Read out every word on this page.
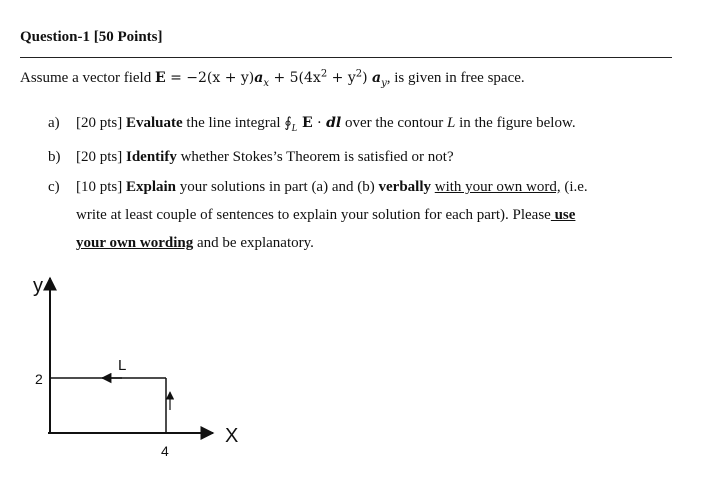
Question-1 [50 Points]
Assume a vector field $E = -2(x + y)a_x + 5(4x^2 + y^2)$ $a_y$, is given in free space.
a) [20 pts] Evaluate the line integral $∮_L$ E · dl over the contour L in the figure below.
b) [20 pts] Identify whether Stokes’s Theorem is satisfied or not?
c) [10 pts] Explain your solutions in part (a) and (b) verbally with your own word, (i.e.
write at least couple of sentences to explain your solution for each part). Please use
your own wording and be explanatory.
y
X
2
4
L
